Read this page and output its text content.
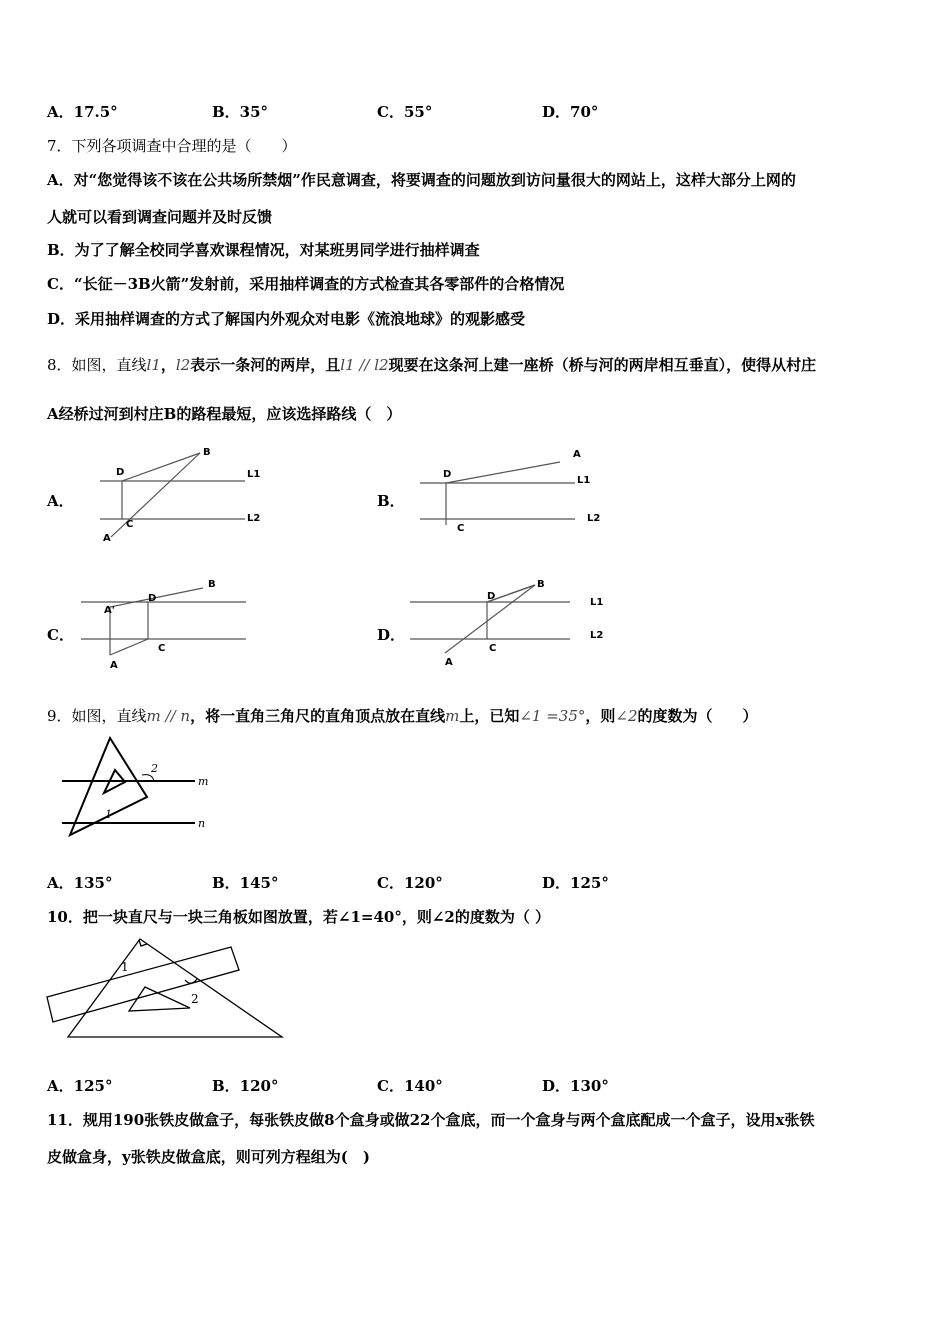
A．17.5°	B．35°	C．55°	D．70°
7．下列各项调查中合理的是（　　）
A．对“您觉得该不该在公共场所禁烟”作民意调查，将要调查的问题放到访问量很大的网站上，这样大部分上网的
人就可以看到调查问题并及时反馈
B．为了了解全校同学喜欢课程情况，对某班男同学进行抽样调查
C．“长征－3B火箭”发射前，采用抽样调查的方式检查其各零部件的合格情况
D．采用抽样调查的方式了解国内外观众对电影《流浪地球》的观影感受
8．如图，直线l1，l2表示一条河的两岸，且l1 // l2现要在这条河上建一座桥（桥与河的两岸相互垂直），使得从村庄
A经桥过河到村庄B的路程最短，应该选择路线（　）
A．	B．
C．	D．
B
D	L1
L2
C
A
A
D
L1
L2
C
B
D
A'
C
A
B
D
L1
L2
C
A
9．如图，直线m // n，将一直角三角尺的直角顶点放在直线m上，已知∠1 =35°，则∠2的度数为（　　）
2
1
m
n
A．135°	B．145°	C．120°	D．125°
10．把一块直尺与一块三角板如图放置，若∠1=40°，则∠2的度数为（ ）
1
2
A．125°	B．120°	C．140°	D．130°
11．规用190张铁皮做盒子，每张铁皮做8个盒身或做22个盒底，而一个盒身与两个盒底配成一个盒子，设用x张铁
皮做盒身，y张铁皮做盒底，则可列方程组为(　)
